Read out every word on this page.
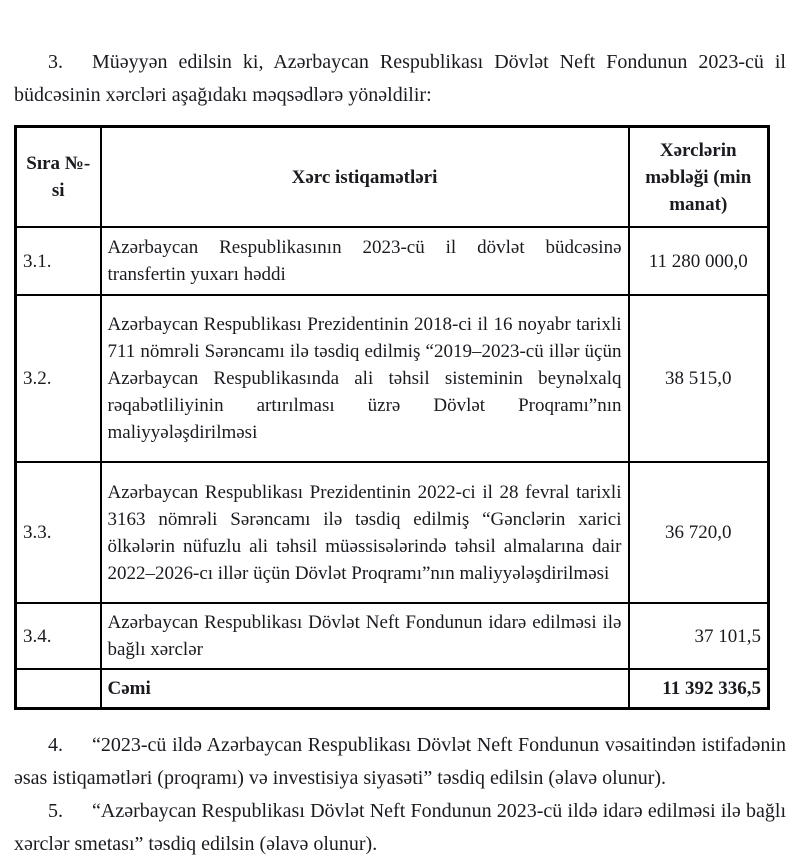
3. Müəyyən edilsin ki, Azərbaycan Respublikası Dövlət Neft Fondunun 2023-cü il büdcəsinin xərcləri aşağıdakı məqsədlərə yönəldilir:

Sıra №-si	Xərc istiqamətləri	Xərclərin məbləği (min manat)
3.1.	Azərbaycan Respublikasının 2023-cü il dövlət büdcəsinə transfertin yuxarı həddi	11 280 000,0
3.2.	Azərbaycan Respublikası Prezidentinin 2018-ci il 16 noyabr tarixli 711 nömrəli Sərəncamı ilə təsdiq edilmiş “2019–2023-cü illər üçün Azərbaycan Respublikasında ali təhsil sisteminin beynəlxalq rəqabətliliyinin artırılması üzrə Dövlət Proqramı”nın maliyyələşdirilməsi	38 515,0
3.3.	Azərbaycan Respublikası Prezidentinin 2022-ci il 28 fevral tarixli 3163 nömrəli Sərəncamı ilə təsdiq edilmiş “Gənclərin xarici ölkələrin nüfuzlu ali təhsil müəssisələrində təhsil almalarına dair 2022–2026-cı illər üçün Dövlət Proqramı”nın maliyyələşdirilməsi	36 720,0
3.4.	Azərbaycan Respublikası Dövlət Neft Fondunun idarə edilməsi ilə bağlı xərclər	37 101,5
	Cəmi	11 392 336,5

4. “2023-cü ildə Azərbaycan Respublikası Dövlət Neft Fondunun vəsaitindən istifadənin əsas istiqamətləri (proqramı) və investisiya siyasəti” təsdiq edilsin (əlavə olunur).

5. “Azərbaycan Respublikası Dövlət Neft Fondunun 2023-cü ildə idarə edilməsi ilə bağlı xərclər smetası” təsdiq edilsin (əlavə olunur).
